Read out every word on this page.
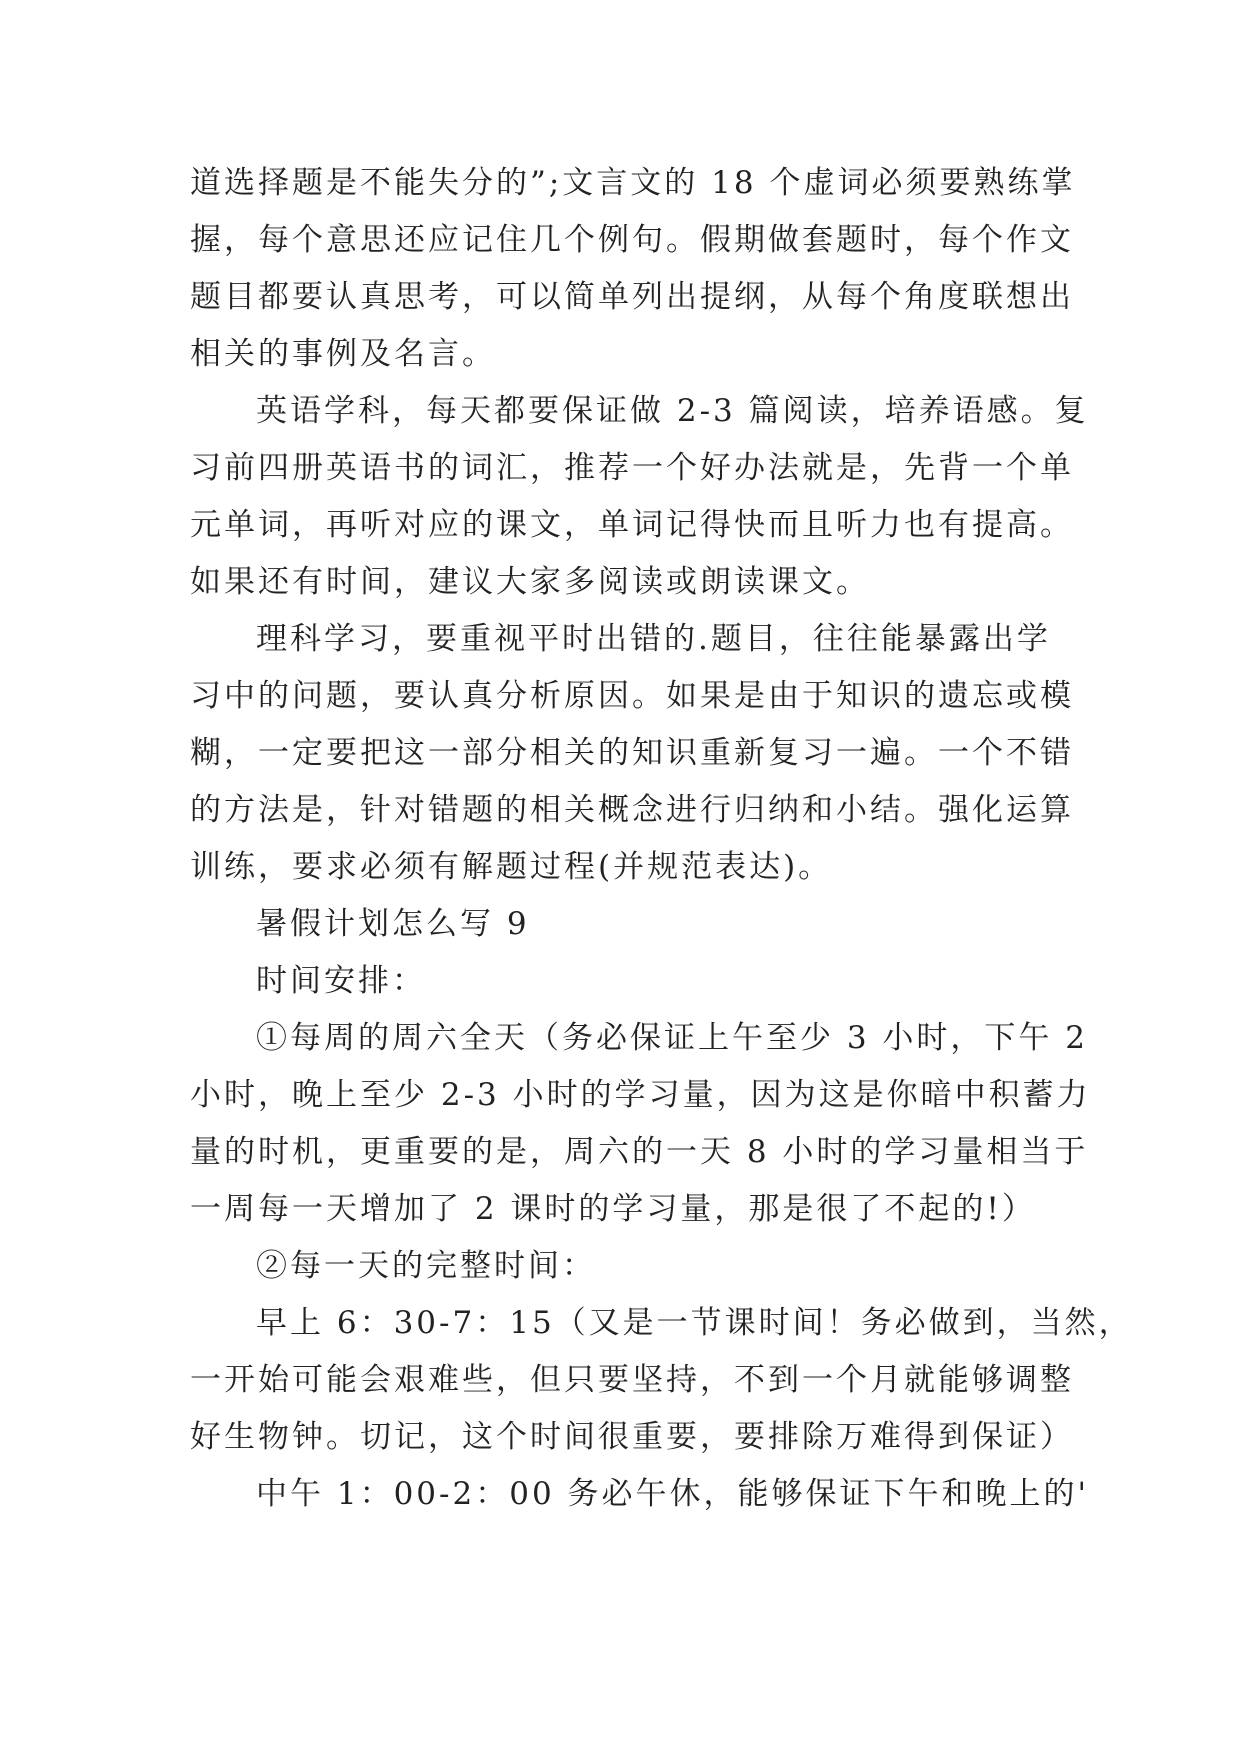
道选择题是不能失分的”;文言文的 18 个虚词必须要熟练掌
握，每个意思还应记住几个例句。假期做套题时，每个作文
题目都要认真思考，可以简单列出提纲，从每个角度联想出
相关的事例及名言。
英语学科，每天都要保证做 2-3 篇阅读，培养语感。复
习前四册英语书的词汇，推荐一个好办法就是，先背一个单
元单词，再听对应的课文，单词记得快而且听力也有提高。
如果还有时间，建议大家多阅读或朗读课文。
理科学习，要重视平时出错的.题目，往往能暴露出学
习中的问题，要认真分析原因。如果是由于知识的遗忘或模
糊，一定要把这一部分相关的知识重新复习一遍。一个不错
的方法是，针对错题的相关概念进行归纳和小结。强化运算
训练，要求必须有解题过程(并规范表达)。
暑假计划怎么写 9
时间安排：
①每周的周六全天（务必保证上午至少 3 小时，下午 2
小时，晚上至少 2-3 小时的学习量，因为这是你暗中积蓄力
量的时机，更重要的是，周六的一天 8 小时的学习量相当于
一周每一天增加了 2 课时的学习量，那是很了不起的!）
②每一天的完整时间：
早上 6：30-7：15（又是一节课时间！务必做到，当然，
一开始可能会艰难些，但只要坚持，不到一个月就能够调整
好生物钟。切记，这个时间很重要，要排除万难得到保证）
中午 1：00-2：00 务必午休，能够保证下午和晚上的'
